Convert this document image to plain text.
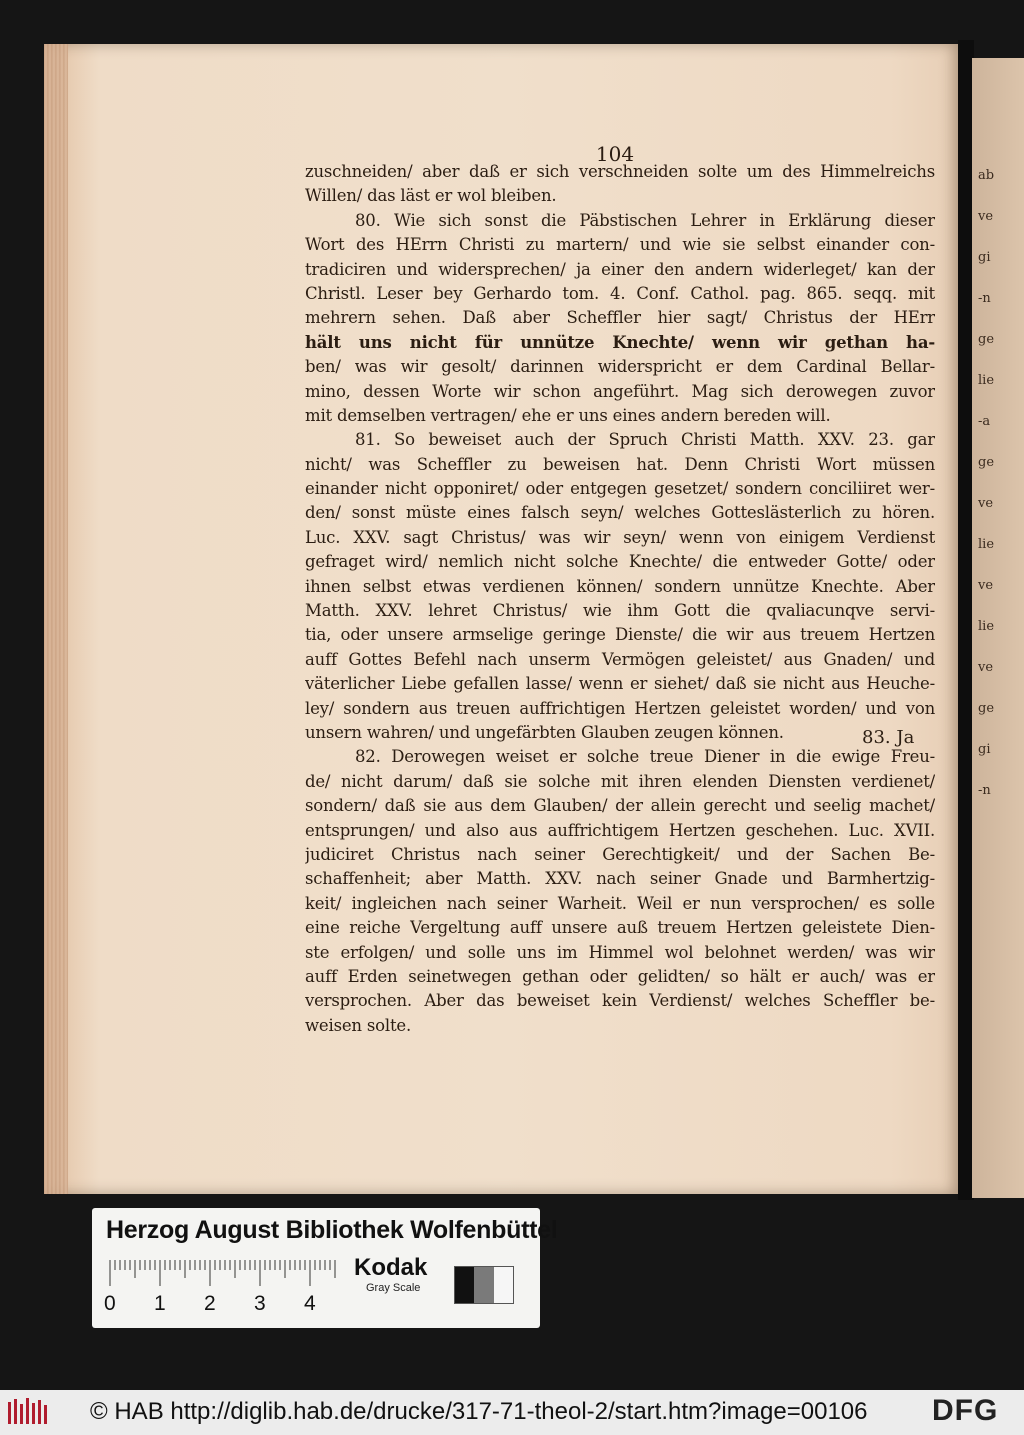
ab
ve
gi
-n
ge
lie
-a
ge
ve
lie
ve
lie
ve
ge
gi
-n
104
zuschneiden/ aber daß er sich verschneiden solte um des Himmelreichs
Willen/ das läst er wol bleiben.
80. Wie sich sonst die Päbstischen Lehrer in Erklärung dieser
Wort des HErrn Christi zu martern/ und wie sie selbst einander con-
tradiciren und widersprechen/ ja einer den andern widerleget/ kan der
Christl. Leser bey Gerhardo tom. 4. Conf. Cathol. pag. 865. seqq. mit
mehrern sehen. Daß aber Scheffler hier sagt/ Christus der HErr
hält uns nicht für unnütze Knechte/ wenn wir gethan ha-
ben/ was wir gesolt/ darinnen widerspricht er dem Cardinal Bellar-
mino, dessen Worte wir schon angeführt. Mag sich derowegen zuvor
mit demselben vertragen/ ehe er uns eines andern bereden will.
81. So beweiset auch der Spruch Christi Matth. XXV. 23. gar
nicht/ was Scheffler zu beweisen hat. Denn Christi Wort müssen
einander nicht opponiret/ oder entgegen gesetzet/ sondern conciliiret wer-
den/ sonst müste eines falsch seyn/ welches Gotteslästerlich zu hören.
Luc. XXV. sagt Christus/ was wir seyn/ wenn von einigem Verdienst
gefraget wird/ nemlich nicht solche Knechte/ die entweder Gotte/ oder
ihnen selbst etwas verdienen können/ sondern unnütze Knechte. Aber
Matth. XXV. lehret Christus/ wie ihm Gott die qvaliacunqve servi-
tia, oder unsere armselige geringe Dienste/ die wir aus treuem Hertzen
auff Gottes Befehl nach unserm Vermögen geleistet/ aus Gnaden/ und
väterlicher Liebe gefallen lasse/ wenn er siehet/ daß sie nicht aus Heuche-
ley/ sondern aus treuen auffrichtigen Hertzen geleistet worden/ und von
unsern wahren/ und ungefärbten Glauben zeugen können.
82. Derowegen weiset er solche treue Diener in die ewige Freu-
de/ nicht darum/ daß sie solche mit ihren elenden Diensten verdienet/
sondern/ daß sie aus dem Glauben/ der allein gerecht und seelig machet/
entsprungen/ und also aus auffrichtigem Hertzen geschehen. Luc. XVII.
judiciret Christus nach seiner Gerechtigkeit/ und der Sachen Be-
schaffenheit; aber Matth. XXV. nach seiner Gnade und Barmhertzig-
keit/ ingleichen nach seiner Warheit. Weil er nun versprochen/ es solle
eine reiche Vergeltung auff unsere auß treuem Hertzen geleistete Dien-
ste erfolgen/ und solle uns im Himmel wol belohnet werden/ was wir
auff Erden seinetwegen gethan oder gelidten/ so hält er auch/ was er
versprochen. Aber das beweiset kein Verdienst/ welches Scheffler be-
weisen solte.
83. Ja
Herzog August Bibliothek Wolfenbüttel
0 1 2 3 4
Kodak
Gray Scale
© HAB http://diglib.hab.de/drucke/317-71-theol-2/start.htm?image=00106 DFG
